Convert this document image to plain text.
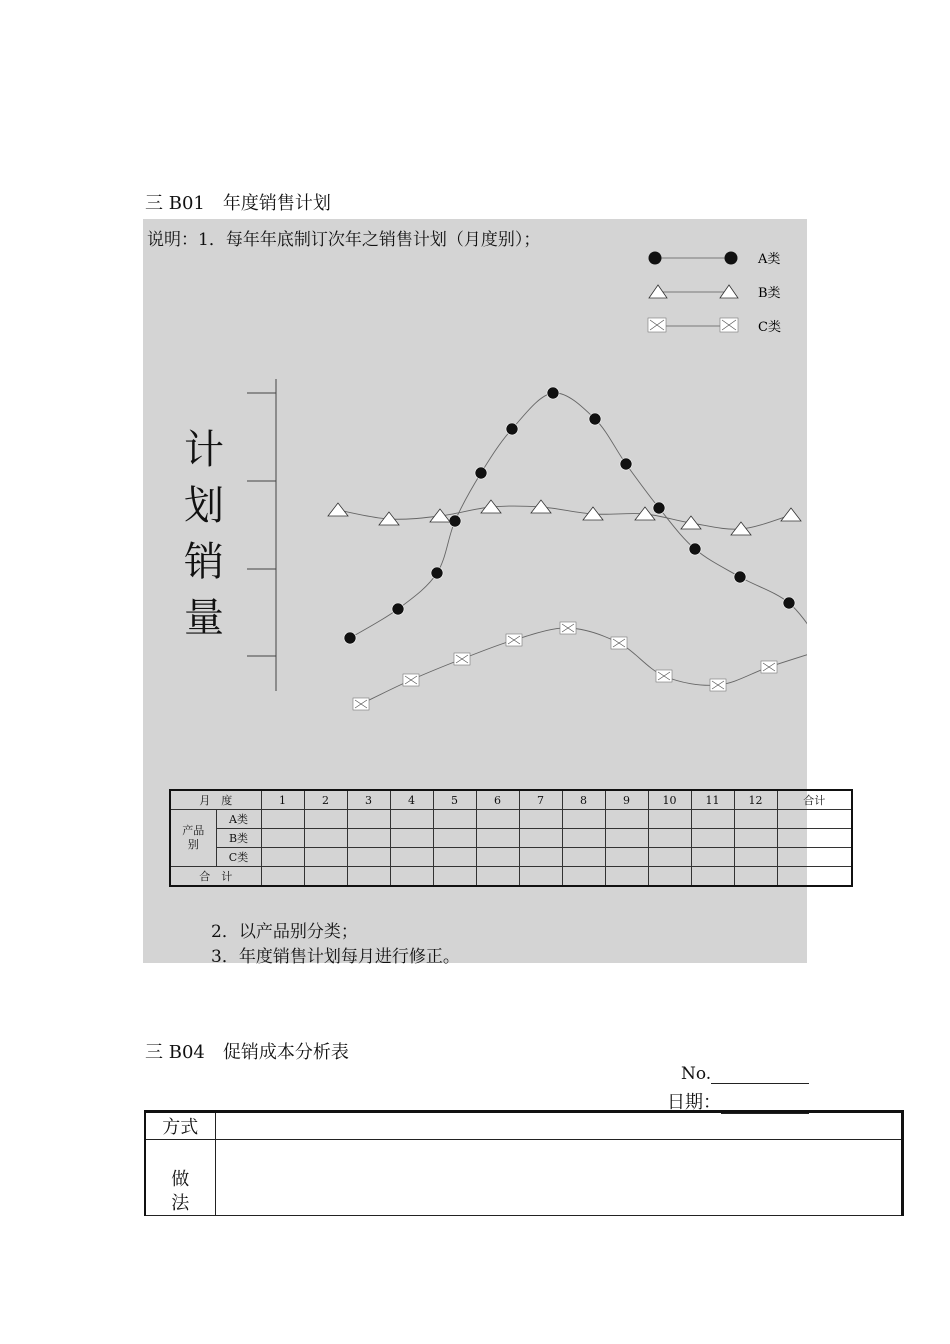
三 B01　年度销售计划
说明：1．每年年底制订次年之销售计划（月度别）；
A类
B类
C类
计
划
销
量
月　度		1	2	3	4	5	6	7	8	9	10	11	12	合计
产品别	A类													
	B类													
	C类													
合　计														
2．以产品别分类；
3．年度销售计划每月进行修正。
三 B04　促销成本分析表
No.
日期：
方式	

做
法	
